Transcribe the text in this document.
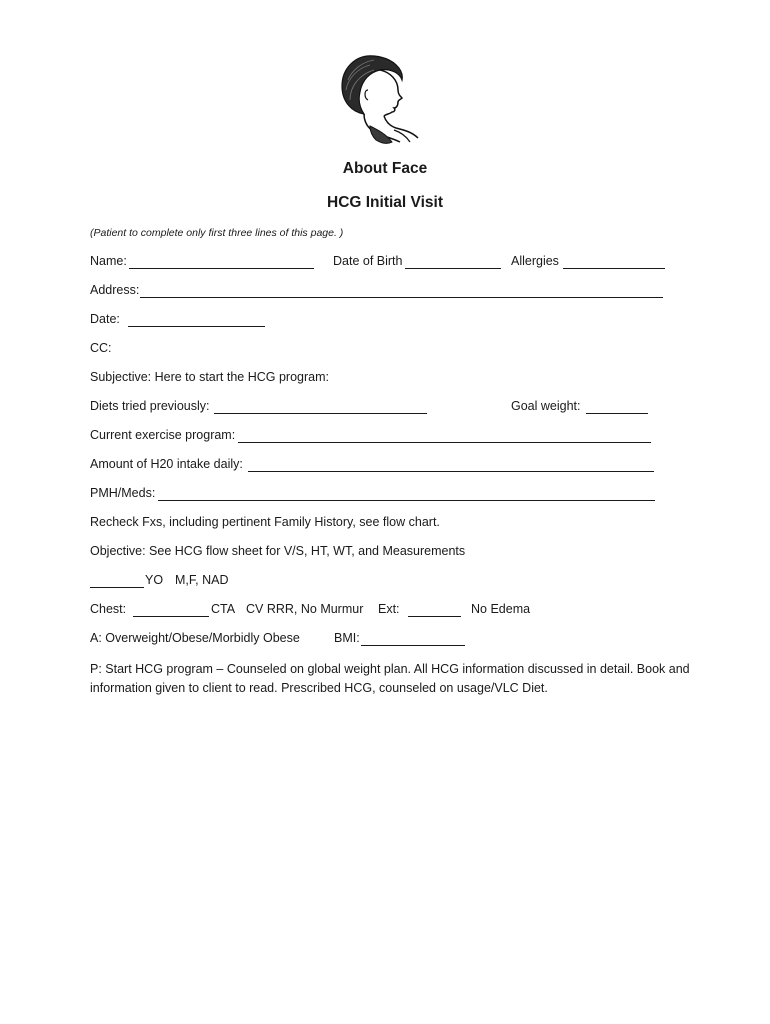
About Face
HCG Initial Visit
(Patient to complete only first three lines of this page. )
Name:	Date of Birth	Allergies
Address:
Date:
CC:
Subjective: Here to start the HCG program:
Diets tried previously:	Goal weight:
Current exercise program:
Amount of H20 intake daily:
PMH/Meds:
Recheck Fxs, including pertinent Family History, see flow chart.
Objective: See HCG flow sheet for V/S, HT, WT, and Measurements
YO M,F, NAD
Chest:	CTA CV RRR, No Murmur Ext:	No Edema
A: Overweight/Obese/Morbidly Obese	BMI:
P: Start HCG program – Counseled on global weight plan. All HCG information discussed in detail. Book and information given to client to read. Prescribed HCG, counseled on usage/VLC Diet.
